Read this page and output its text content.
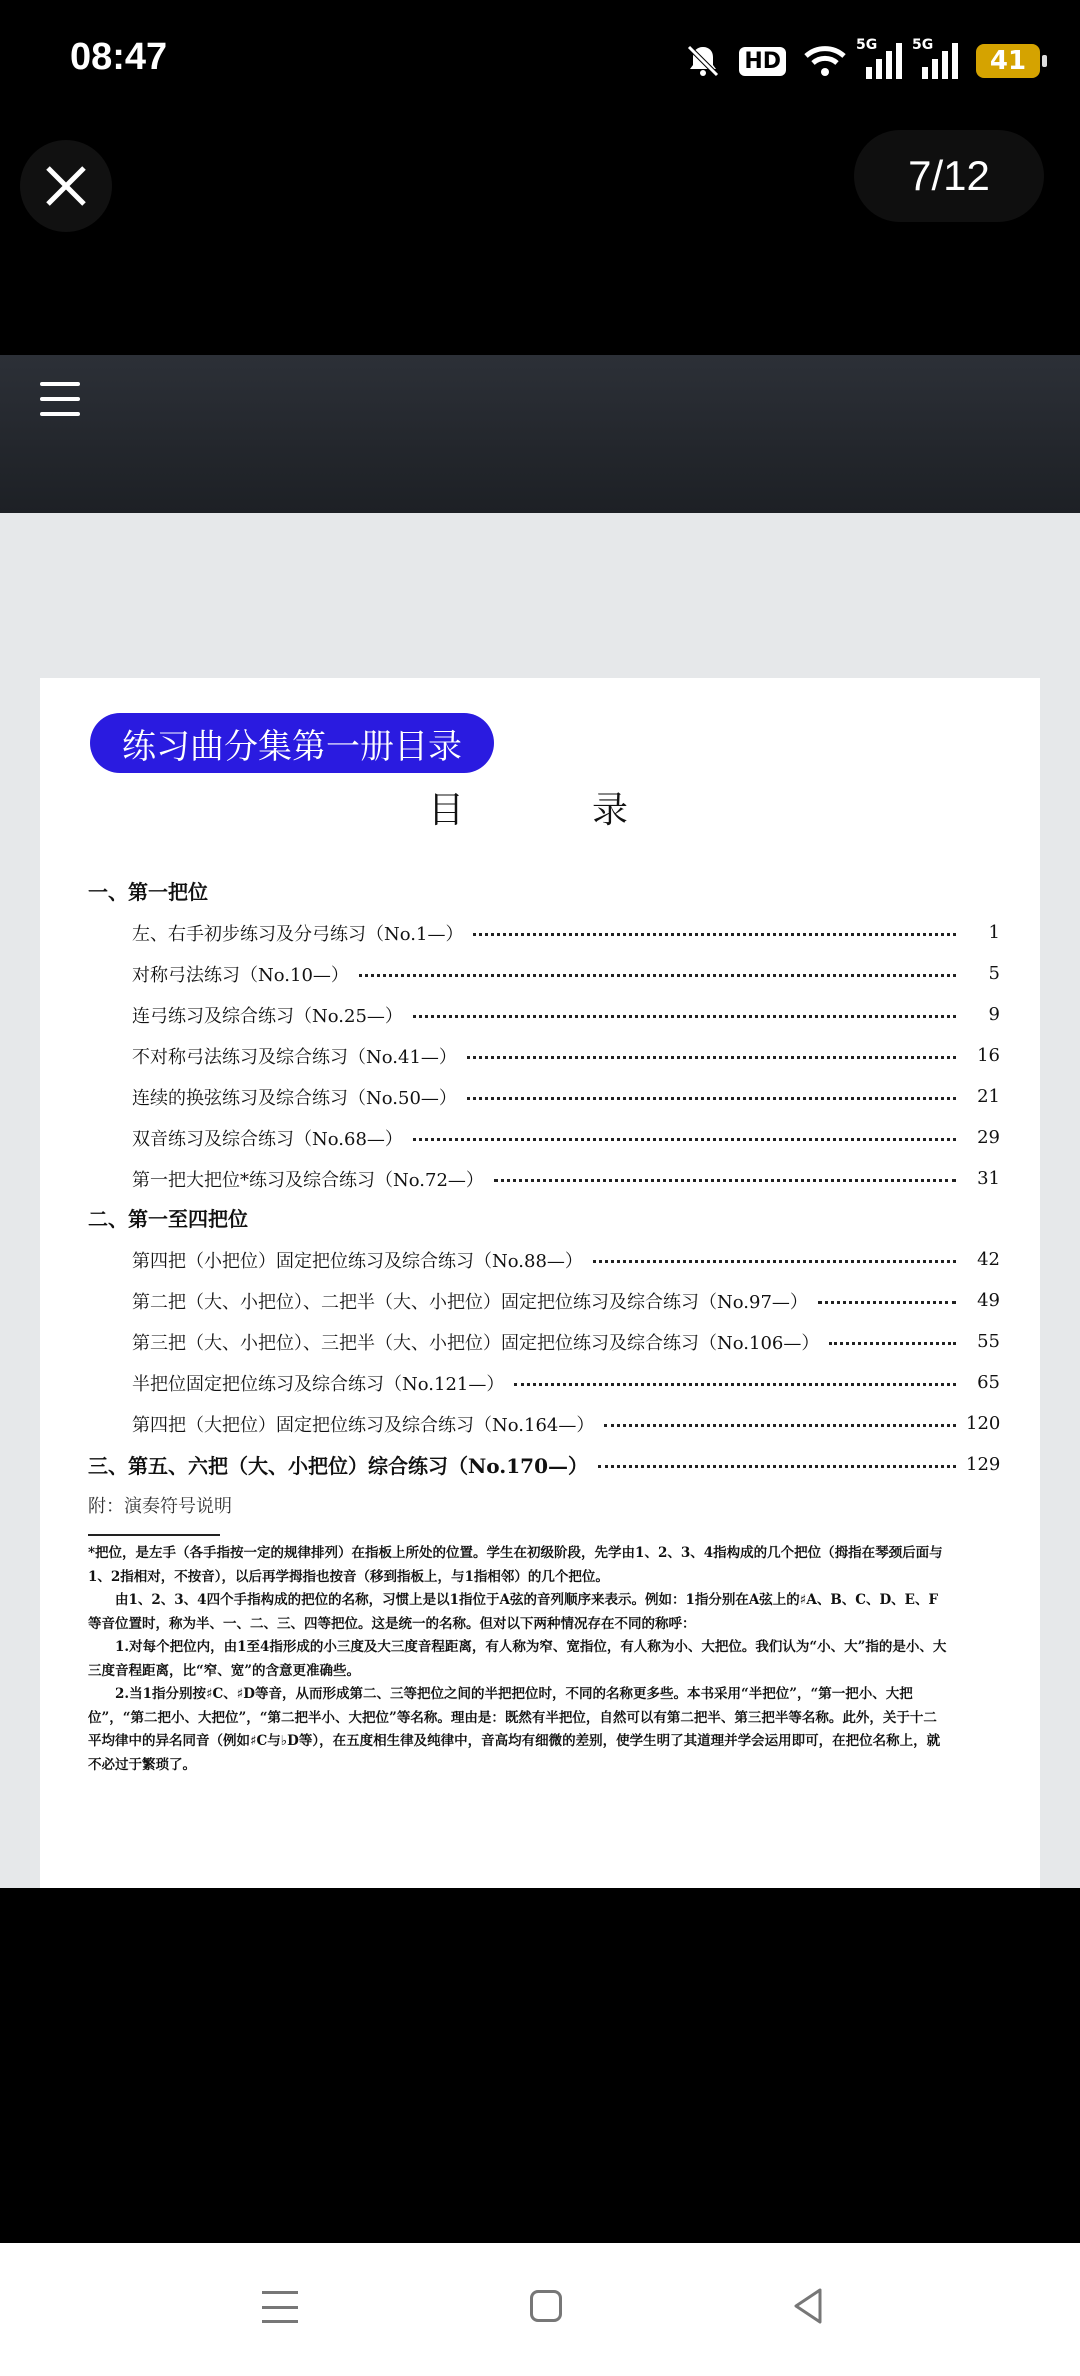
08:47	HD
5G 5G
41
7/12
练习曲分集第一册目录
目	录
一、第一把位
左、右手初步练习及分弓练习（No.1—）	1
对称弓法练习（No.10—）	5
连弓练习及综合练习（No.25—）	9
不对称弓法练习及综合练习（No.41—）	16
连续的换弦练习及综合练习（No.50—）	21
双音练习及综合练习（No.68—）	29
第一把大把位*练习及综合练习（No.72—）	31
二、第一至四把位
第四把（小把位）固定把位练习及综合练习（No.88—）	42
第二把（大、小把位）、二把半（大、小把位）固定把位练习及综合练习（No.97—）	49
第三把（大、小把位）、三把半（大、小把位）固定把位练习及综合练习（No.106—）	55
半把位固定把位练习及综合练习（No.121—）	65
第四把（大把位）固定把位练习及综合练习（No.164—）	120
三、第五、六把（大、小把位）综合练习（No.170—）	129
附：演奏符号说明

*把位，是左手（各手指按一定的规律排列）在指板上所处的位置。学生在初级阶段，先学由1、2、3、4指构成的几个把位（拇指在琴颈后面与1、2指相对，不按音），以后再学拇指也按音（移到指板上，与1指相邻）的几个把位。

由1、2、3、4四个手指构成的把位的名称，习惯上是以1指位于A弦的音列顺序来表示。例如：1指分别在A弦上的♯A、B、C、D、E、F等音位置时，称为半、一、二、三、四等把位。这是统一的名称。但对以下两种情况存在不同的称呼：

1.对每个把位内，由1至4指形成的小三度及大三度音程距离，有人称为窄、宽指位，有人称为小、大把位。我们认为“小、大”指的是小、大三度音程距离，比“窄、宽”的含意更准确些。

2.当1指分别按♯C、♯D等音，从而形成第二、三等把位之间的半把把位时，不同的名称更多些。本书采用“半把位”，“第一把小、大把位”，“第二把小、大把位”，“第二把半小、大把位”等名称。理由是：既然有半把位，自然可以有第二把半、第三把半等名称。此外，关于十二平均律中的异名同音（例如♯C与♭D等），在五度相生律及纯律中，音高均有细微的差别，使学生明了其道理并学会运用即可，在把位名称上，就不必过于繁琐了。
